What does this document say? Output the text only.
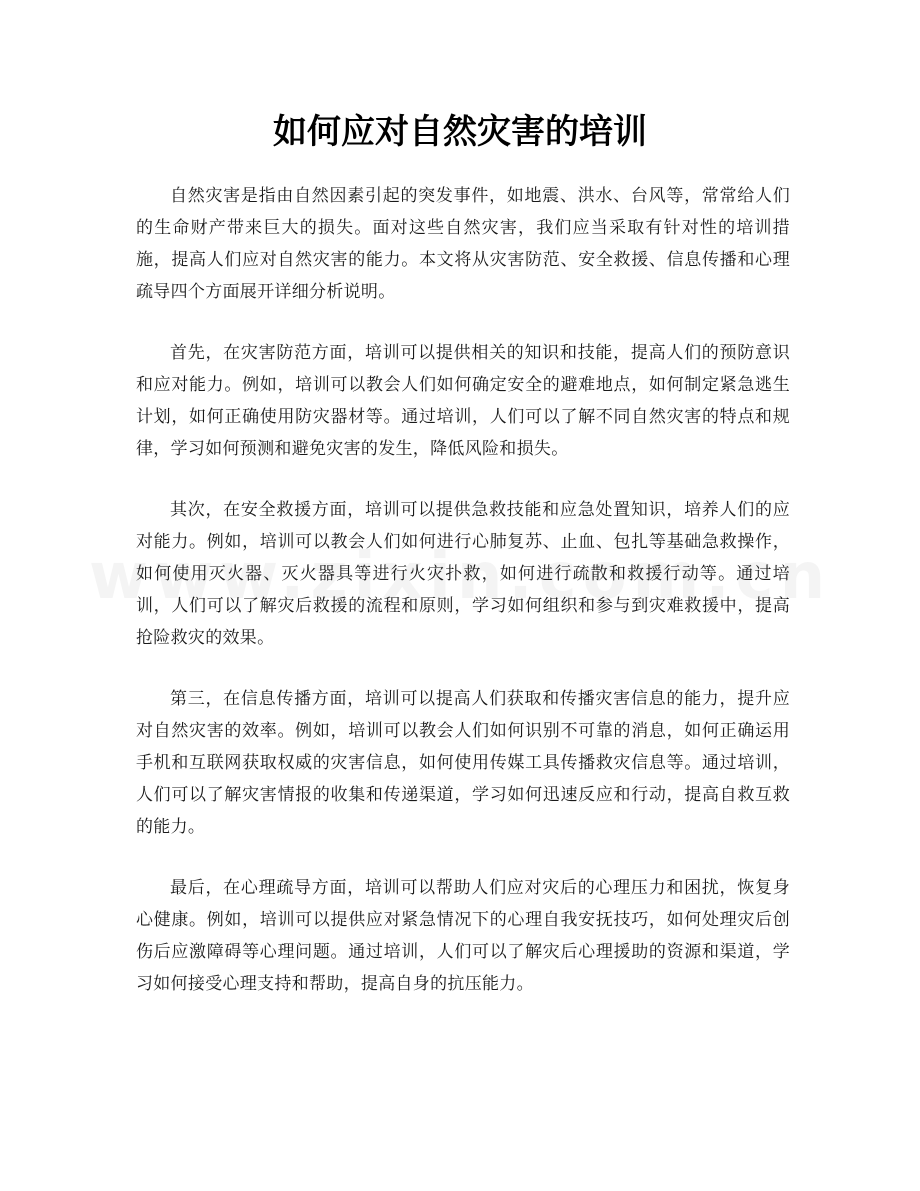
如何应对自然灾害的培训

自然灾害是指由自然因素引起的突发事件，如地震、洪水、台风等，常常给人们的生命财产带来巨大的损失。面对这些自然灾害，我们应当采取有针对性的培训措施，提高人们应对自然灾害的能力。本文将从灾害防范、安全救援、信息传播和心理疏导四个方面展开详细分析说明。

首先，在灾害防范方面，培训可以提供相关的知识和技能，提高人们的预防意识和应对能力。例如，培训可以教会人们如何确定安全的避难地点，如何制定紧急逃生计划，如何正确使用防灾器材等。通过培训，人们可以了解不同自然灾害的特点和规律，学习如何预测和避免灾害的发生，降低风险和损失。

其次，在安全救援方面，培训可以提供急救技能和应急处置知识，培养人们的应对能力。例如，培训可以教会人们如何进行心肺复苏、止血、包扎等基础急救操作，如何使用灭火器、灭火器具等进行火灾扑救，如何进行疏散和救援行动等。通过培训，人们可以了解灾后救援的流程和原则，学习如何组织和参与到灾难救援中，提高抢险救灾的效果。

第三，在信息传播方面，培训可以提高人们获取和传播灾害信息的能力，提升应对自然灾害的效率。例如，培训可以教会人们如何识别不可靠的消息，如何正确运用手机和互联网获取权威的灾害信息，如何使用传媒工具传播救灾信息等。通过培训，人们可以了解灾害情报的收集和传递渠道，学习如何迅速反应和行动，提高自救互救的能力。

最后，在心理疏导方面，培训可以帮助人们应对灾后的心理压力和困扰，恢复身心健康。例如，培训可以提供应对紧急情况下的心理自我安抚技巧，如何处理灾后创伤后应激障碍等心理问题。通过培训，人们可以了解灾后心理援助的资源和渠道，学习如何接受心理支持和帮助，提高自身的抗压能力。
